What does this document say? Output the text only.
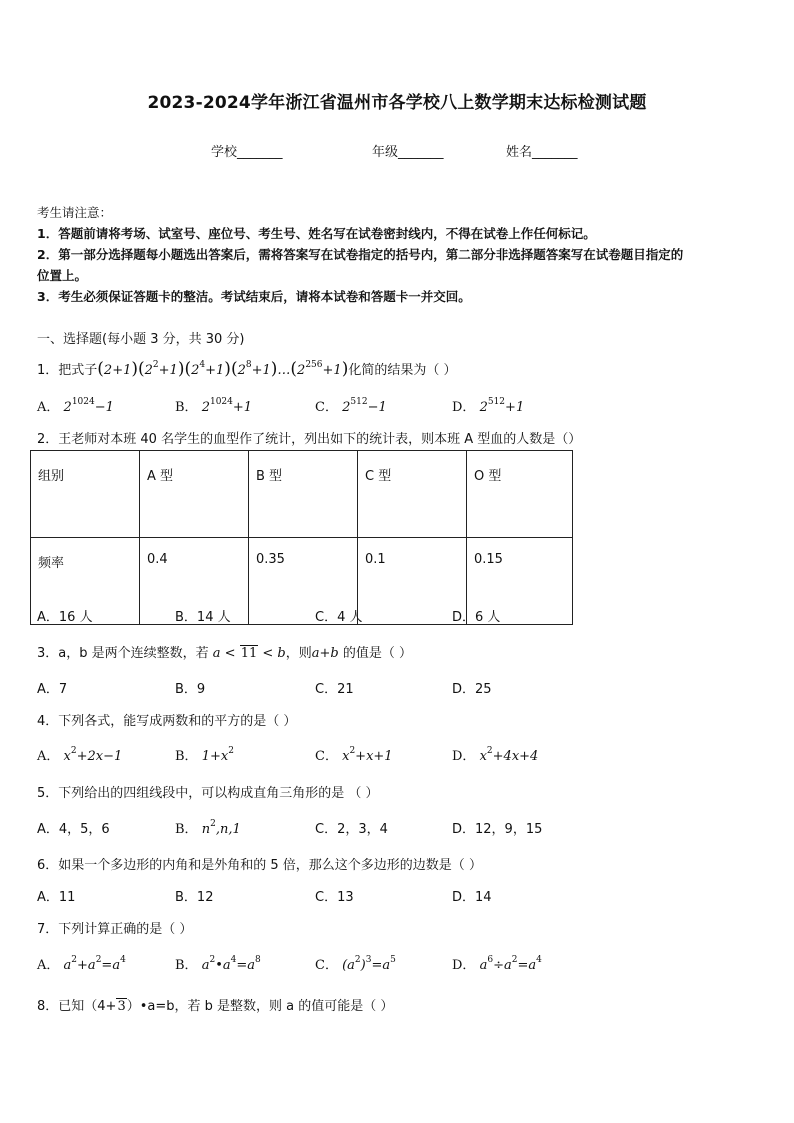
2023-2024学年浙江省温州市各学校八上数学期末达标检测试题
学校_______	年级_______	姓名_______
考生请注意：
1．答题前请将考场、试室号、座位号、考生号、姓名写在试卷密封线内，不得在试卷上作任何标记。
2．第一部分选择题每小题选出答案后，需将答案写在试卷指定的括号内，第二部分非选择题答案写在试卷题目指定的
位置上。
3．考生必须保证答题卡的整洁。考试结束后，请将本试卷和答题卡一并交回。
一、选择题(每小题 3 分，共 30 分)
1．把式子$(2+1)(2^2+1)(2^4+1)(2^8+1)\dots(2^{256}+1)$化简的结果为（ ）
A． $2^{1024}-1$	B． $2^{1024}+1$	C． $2^{512}-1$	D． $2^{512}+1$
2．王老师对本班 40 名学生的血型作了统计，列出如下的统计表，则本班 A 型血的人数是（）
组别	A 型	B 型	C 型	O 型
频率	0.4	0.35	0.1	0.15
A．16 人	B．14 人	C．4 人	D．6 人
3．a，b 是两个连续整数，若 a < 11 < b，则a+b 的值是（ ）
A．7	B．9	C．21	D．25
4．下列各式，能写成两数和的平方的是（ ）
A． $x^2+2x-1$	B． $1+x^2$	C． $x^2+x+1$	D． $x^2+4x+4$
5．下列给出的四组线段中，可以构成直角三角形的是 （ ）
A．4，5，6	B． $n^2,n,1$	C．2，3，4	D．12，9，15
6．如果一个多边形的内角和是外角和的 5 倍，那么这个多边形的边数是（ ）
A．11	B．12	C．13	D．14
7．下列计算正确的是（ ）
A． $a^2+a^2=a^4$	B． $a^2•a^4=a^8$	C． $(a^2)^3=a^5$	D． $a^6\div a^2=a^4$
8．已知（4+3）•a=b，若 b 是整数，则 a 的值可能是（ ）
